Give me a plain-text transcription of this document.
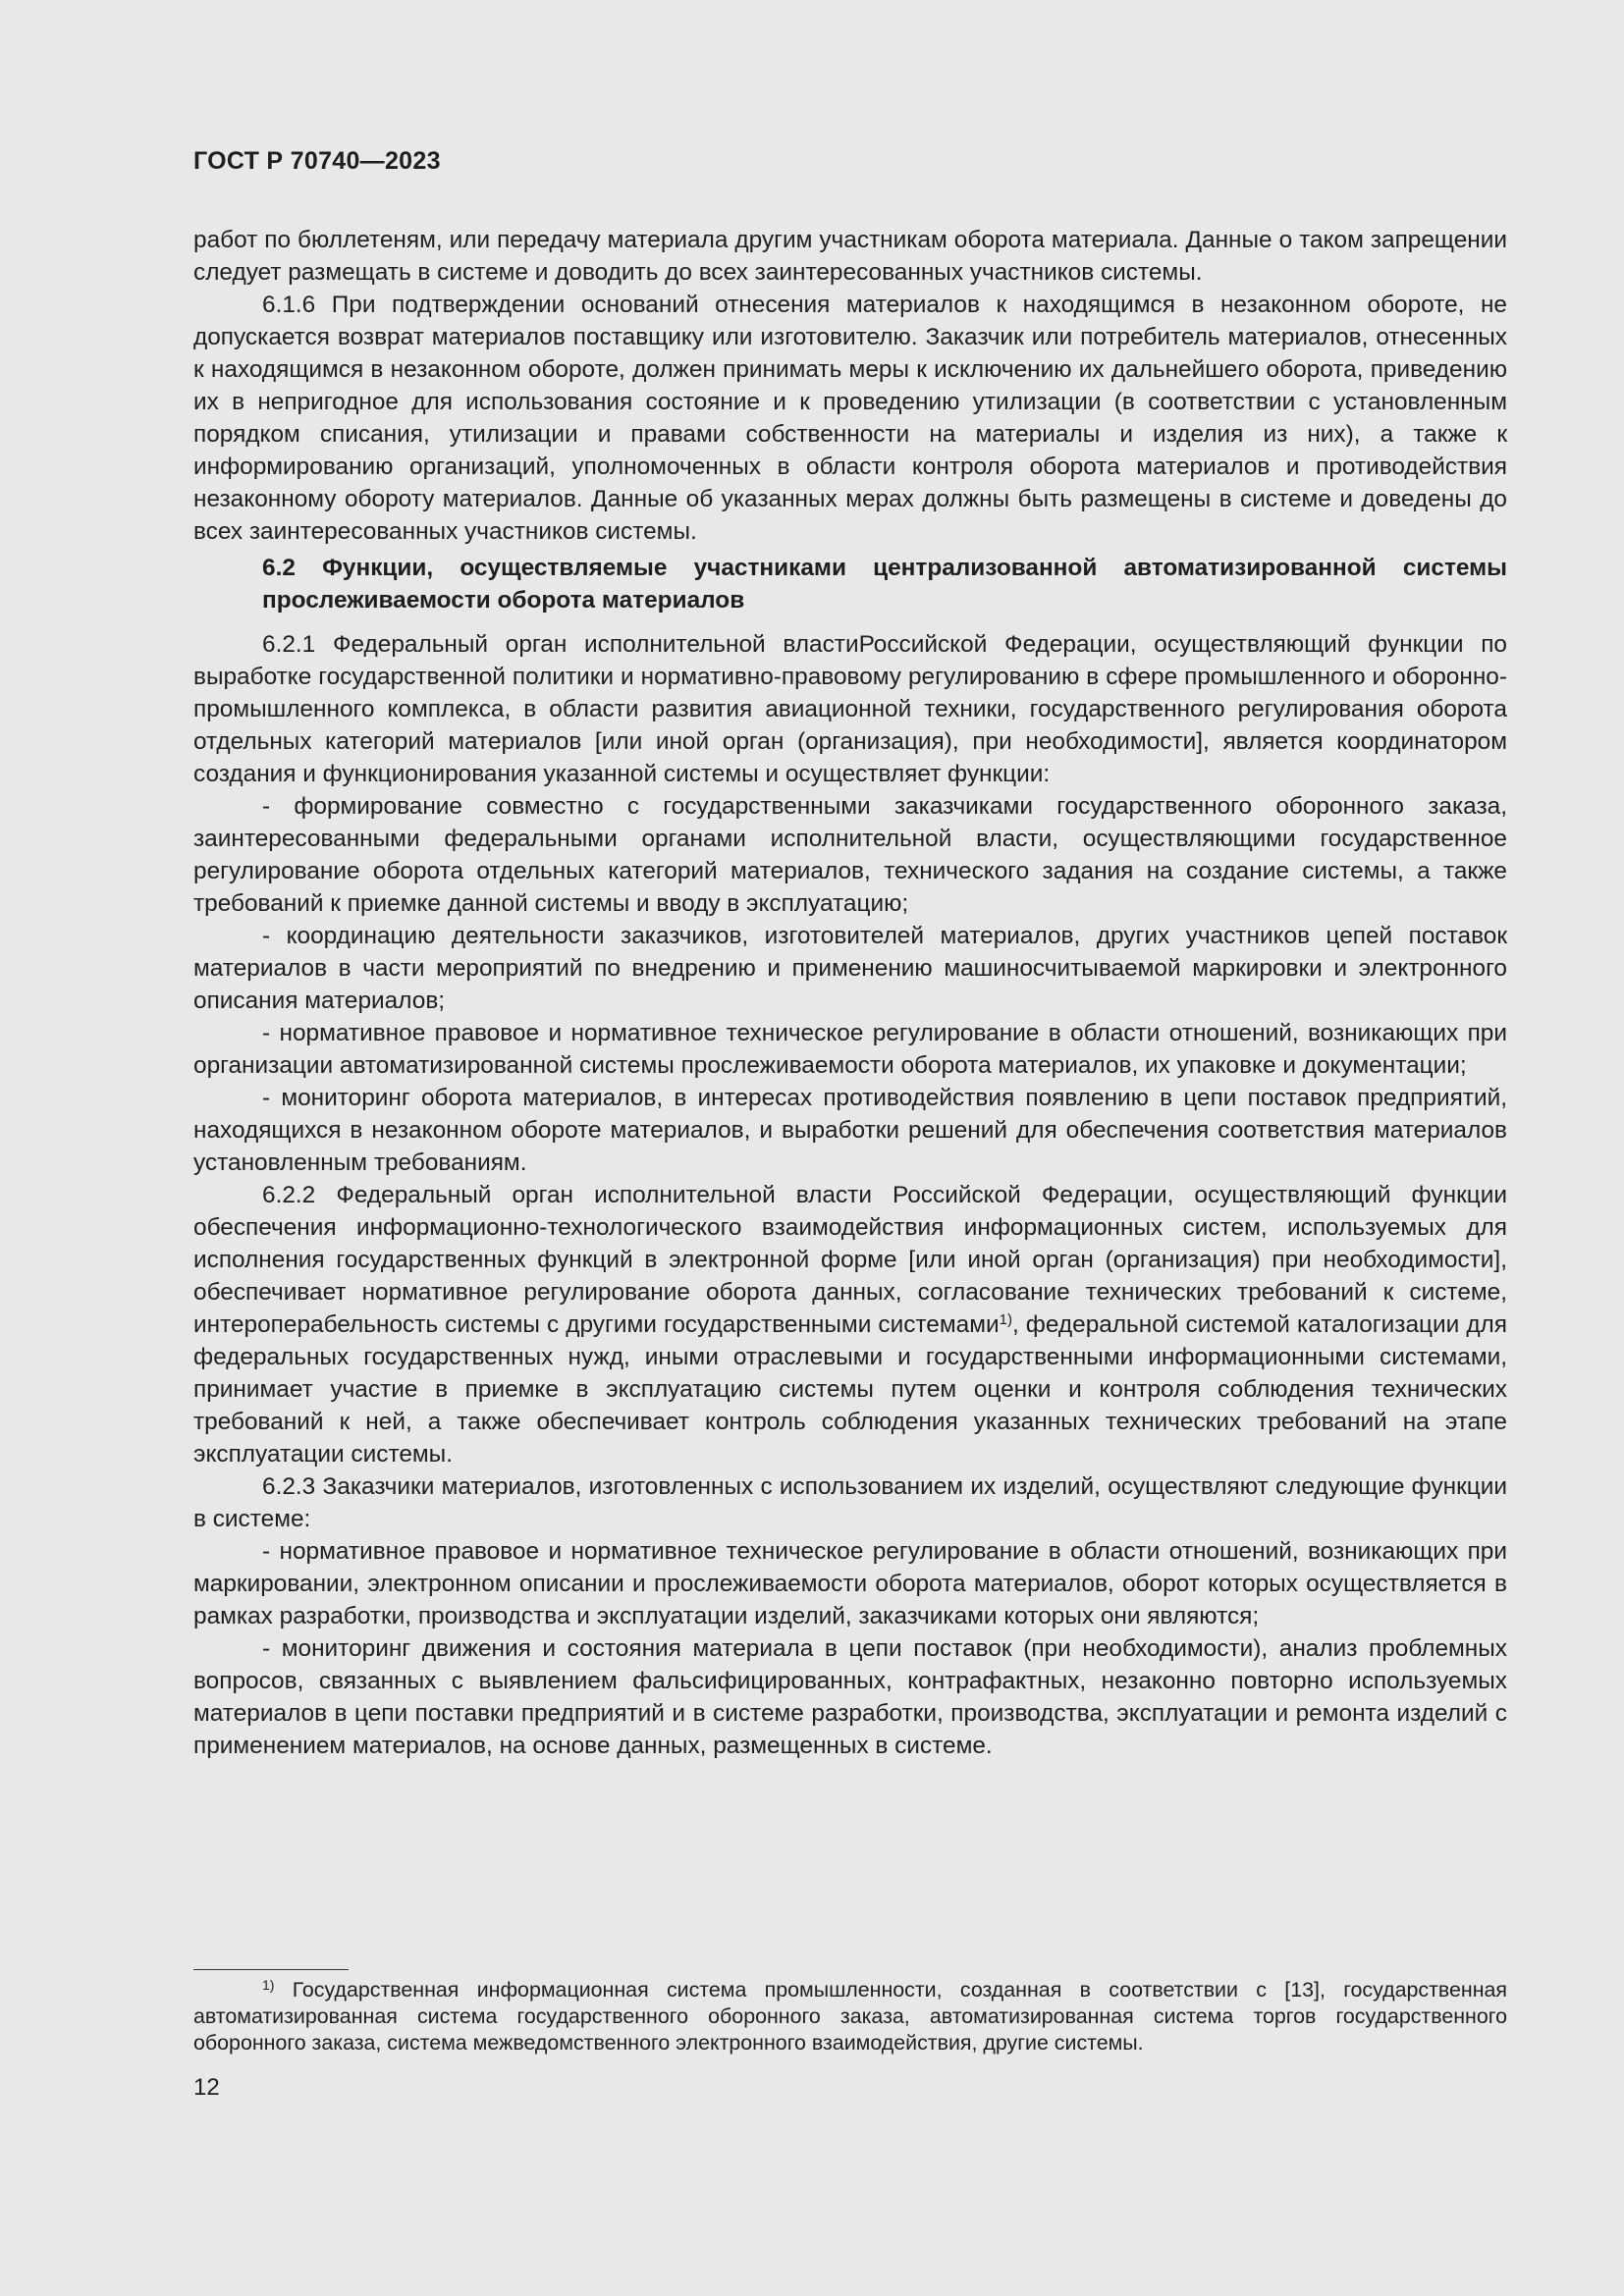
ГОСТ Р 70740—2023

работ по бюллетеням, или передачу материала другим участникам оборота материала. Данные о таком запрещении следует размещать в системе и доводить до всех заинтересованных участников системы.

6.1.6 При подтверждении оснований отнесения материалов к находящимся в незаконном обороте, не допускается возврат материалов поставщику или изготовителю. Заказчик или потребитель материалов, отнесенных к находящимся в незаконном обороте, должен принимать меры к исключению их дальнейшего оборота, приведению их в непригодное для использования состояние и к проведению утилизации (в соответствии с установленным порядком списания, утилизации и правами собственности на материалы и изделия из них), а также к информированию организаций, уполномоченных в области контроля оборота материалов и противодействия незаконному обороту материалов. Данные об указанных мерах должны быть размещены в системе и доведены до всех заинтересованных участников системы.

6.2 Функции, осуществляемые участниками централизованной автоматизированной системы прослеживаемости оборота материалов

6.2.1 Федеральный орган исполнительной властиРоссийской Федерации, осуществляющий функции по выработке государственной политики и нормативно-правовому регулированию в сфере промышленного и оборонно-промышленного комплекса, в области развития авиационной техники, государственного регулирования оборота отдельных категорий материалов [или иной орган (организация), при необходимости], является координатором создания и функционирования указанной системы и осуществляет функции:

- формирование совместно с государственными заказчиками государственного оборонного заказа, заинтересованными федеральными органами исполнительной власти, осуществляющими государственное регулирование оборота отдельных категорий материалов, технического задания на создание системы, а также требований к приемке данной системы и вводу в эксплуатацию;

- координацию деятельности заказчиков, изготовителей материалов, других участников цепей поставок материалов в части мероприятий по внедрению и применению машиносчитываемой маркировки и электронного описания материалов;

- нормативное правовое и нормативное техническое регулирование в области отношений, возникающих при организации автоматизированной системы прослеживаемости оборота материалов, их упаковке и документации;

- мониторинг оборота материалов, в интересах противодействия появлению в цепи поставок предприятий, находящихся в незаконном обороте материалов, и выработки решений для обеспечения соответствия материалов установленным требованиям.

6.2.2 Федеральный орган исполнительной власти Российской Федерации, осуществляющий функции обеспечения информационно-технологического взаимодействия информационных систем, используемых для исполнения государственных функций в электронной форме [или иной орган (организация) при необходимости], обеспечивает нормативное регулирование оборота данных, согласование технических требований к системе, интероперабельность системы с другими государственными системами$^{1)}$, федеральной системой каталогизации для федеральных государственных нужд, иными отраслевыми и государственными информационными системами, принимает участие в приемке в эксплуатацию системы путем оценки и контроля соблюдения технических требований к ней, а также обеспечивает контроль соблюдения указанных технических требований на этапе эксплуатации системы.

6.2.3 Заказчики материалов, изготовленных с использованием их изделий, осуществляют следующие функции в системе:

- нормативное правовое и нормативное техническое регулирование в области отношений, возникающих при маркировании, электронном описании и прослеживаемости оборота материалов, оборот которых осуществляется в рамках разработки, производства и эксплуатации изделий, заказчиками которых они являются;

- мониторинг движения и состояния материала в цепи поставок (при необходимости), анализ проблемных вопросов, связанных с выявлением фальсифицированных, контрафактных, незаконно повторно используемых материалов в цепи поставки предприятий и в системе разработки, производства, эксплуатации и ремонта изделий с применением материалов, на основе данных, размещенных в системе.

$^{1)}$ Государственная информационная система промышленности, созданная в соответствии с [13], государственная автоматизированная система государственного оборонного заказа, автоматизированная система торгов государственного оборонного заказа, система межведомственного электронного взаимодействия, другие системы.
12
